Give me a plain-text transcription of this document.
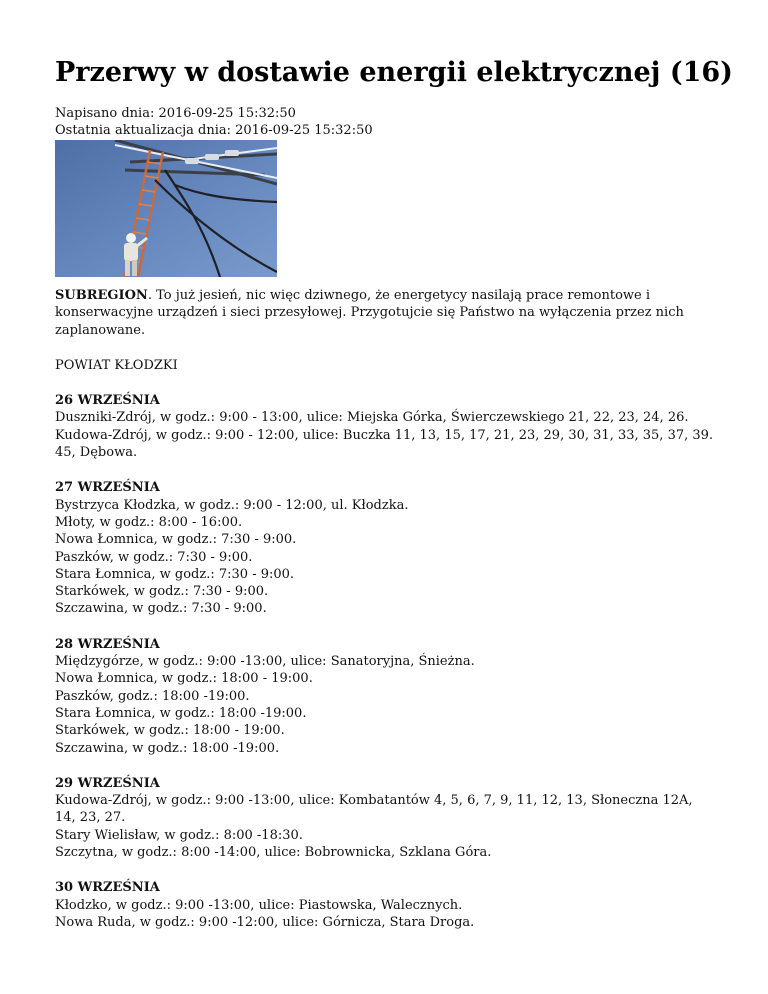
Przerwy w dostawie energii elektrycznej (16)
Napisano dnia: 2016-09-25 15:32:50
Ostatnia aktualizacja dnia: 2016-09-25 15:32:50
SUBREGION. To już jesień, nic więc dziwnego, że energetycy nasilają prace remontowe i konserwacyjne urządzeń i sieci przesyłowej. Przygotujcie się Państwo na wyłączenia przez nich zaplanowane.
POWIAT KŁODZKI
26 WRZEŚNIA
Duszniki-Zdrój, w godz.: 9:00 - 13:00, ulice: Miejska Górka, Świerczewskiego 21, 22, 23, 24, 26.
Kudowa-Zdrój, w godz.: 9:00 - 12:00, ulice: Buczka 11, 13, 15, 17, 21, 23, 29, 30, 31, 33, 35, 37, 39. 45, Dębowa.
27 WRZEŚNIA
Bystrzyca Kłodzka, w godz.: 9:00 - 12:00, ul. Kłodzka.
Młoty, w godz.: 8:00 - 16:00.
Nowa Łomnica, w godz.: 7:30 - 9:00.
Paszków, w godz.: 7:30 - 9:00.
Stara Łomnica, w godz.: 7:30 - 9:00.
Starkówek, w godz.: 7:30 - 9:00.
Szczawina, w godz.: 7:30 - 9:00.
28 WRZEŚNIA
Międzygórze, w godz.: 9:00 -13:00, ulice: Sanatoryjna, Śnieżna.
Nowa Łomnica, w godz.: 18:00 - 19:00.
Paszków, godz.: 18:00 -19:00.
Stara Łomnica, w godz.: 18:00 -19:00.
Starkówek, w godz.: 18:00 - 19:00.
Szczawina, w godz.: 18:00 -19:00.
29 WRZEŚNIA
Kudowa-Zdrój, w godz.: 9:00 -13:00, ulice: Kombatantów 4, 5, 6, 7, 9, 11, 12, 13, Słoneczna 12A, 14, 23, 27.
Stary Wielisław, w godz.: 8:00 -18:30.
Szczytna, w godz.: 8:00 -14:00, ulice: Bobrownicka, Szklana Góra.
30 WRZEŚNIA
Kłodzko, w godz.: 9:00 -13:00, ulice: Piastowska, Walecznych.
Nowa Ruda, w godz.: 9:00 -12:00, ulice: Górnicza, Stara Droga.
